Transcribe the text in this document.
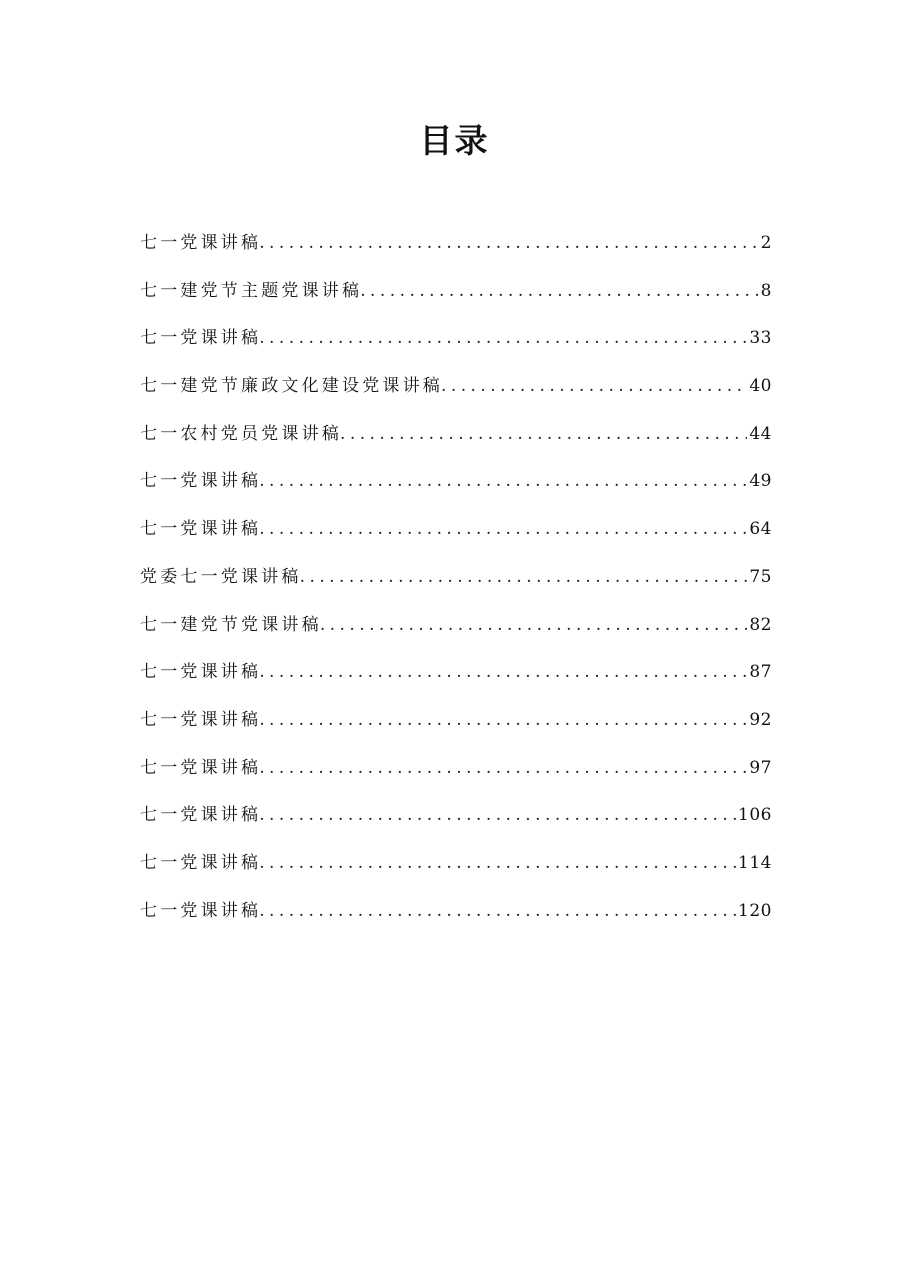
目录
七一党课讲稿 .....	2
七一建党节主题党课讲稿 .....	8
七一党课讲稿 .....	33
七一建党节廉政文化建设党课讲稿 .....	40
七一农村党员党课讲稿 .....	44
七一党课讲稿 .....	49
七一党课讲稿 .....	64
党委七一党课讲稿 .....	75
七一建党节党课讲稿 .....	82
七一党课讲稿 .....	87
七一党课讲稿 .....	92
七一党课讲稿 .....	97
七一党课讲稿 .....	106
七一党课讲稿 .....	114
七一党课讲稿 .....	120
